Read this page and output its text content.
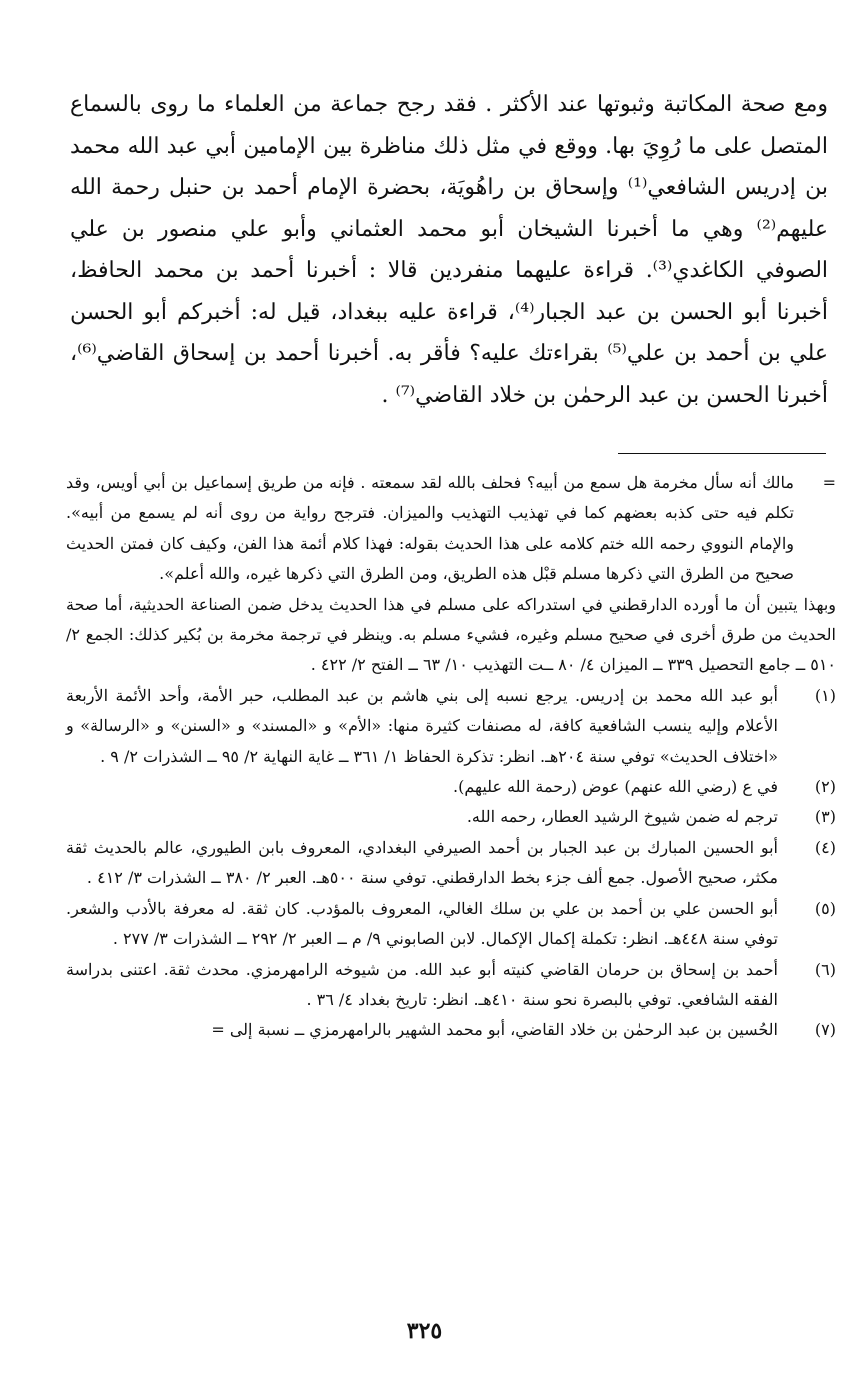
ومع صحة المكاتبة وثبوتها عند الأكثر . فقد رجح جماعة من العلماء ما روى بالسماع المتصل على ما رُوِيَ بها. ووقع في مثل ذلك مناظرة بين الإمامين أبي عبد الله محمد بن إدريس الشافعي⁽¹⁾ وإسحاق بن راهُويَة، بحضرة الإمام أحمد بن حنبل رحمة الله عليهم⁽²⁾ وهي ما أخبرنا الشيخان أبو محمد العثماني وأبو علي منصور بن علي الصوفي الكاغدي⁽³⁾. قراءة عليهما منفردين قالا : أخبرنا أحمد بن محمد الحافظ، أخبرنا أبو الحسن بن عبد الجبار⁽⁴⁾، قراءة عليه ببغداد، قيل له: أخبركم أبو الحسن علي بن أحمد بن علي⁽⁵⁾ بقراءتك عليه؟ فأقر به. أخبرنا أحمد بن إسحاق القاضي⁽⁶⁾، أخبرنا الحسن بن عبد الرحمٰن بن خلاد القاضي⁽⁷⁾ .

=

مالك أنه سأل مخرمة هل سمع من أبيه؟ فحلف بالله لقد سمعته . فإنه من طريق إسماعيل بن أبي أويس، وقد تكلم فيه حتى كذبه بعضهم كما في تهذيب التهذيب والميزان. فترجح رواية من روى أنه لم يسمع من أبيه». والإمام النووي رحمه الله ختم كلامه على هذا الحديث بقوله: فهذا كلام أئمة هذا الفن، وكيف كان فمتن الحديث صحيح من الطرق التي ذكرها مسلم قبْل هذه الطريق، ومن الطرق التي ذكرها غيره، والله أعلم».

وبهذا يتبين أن ما أورده الدارقطني في استدراكه على مسلم في هذا الحديث يدخل ضمن الصناعة الحديثية، أما صحة الحديث من طرق أخرى في صحيح مسلم وغيره، فشيء مسلم به. وينظر في ترجمة مخرمة بن بُكير كذلك: الجمع ٢/ ٥١٠ ــ جامع التحصيل ٣٣٩ ــ الميزان ٤/ ٨٠ ــت التهذيب ١٠/ ٦٣ ــ الفتح ٢/ ٤٢٢ .

(١)
أبو عبد الله محمد بن إدريس. يرجع نسبه إلى بني هاشم بن عبد المطلب، حبر الأمة، وأحد الأئمة الأربعة الأعلام وإليه ينسب الشافعية كافة، له مصنفات كثيرة منها: «الأم» و «المسند» و «السنن» و «الرسالة» و «اختلاف الحديث» توفي سنة ٢٠٤هـ. انظر: تذكرة الحفاظ ١/ ٣٦١ ــ غاية النهاية ٢/ ٩٥ ــ الشذرات ٢/ ٩ .
(٢)
في ع (رضي الله عنهم) عوض (رحمة الله عليهم).
(٣)
ترجم له ضمن شيوخ الرشيد العطار، رحمه الله.
(٤)
أبو الحسين المبارك بن عبد الجبار بن أحمد الصيرفي البغدادي، المعروف بابن الطيوري، عالم بالحديث ثقة مكثر، صحيح الأصول. جمع ألف جزء بخط الدارقطني. توفي سنة ٥٠٠هـ. العبر ٢/ ٣٨٠ ــ الشذرات ٣/ ٤١٢ .
(٥)
أبو الحسن علي بن أحمد بن علي بن سلك الغالي، المعروف بالمؤدب. كان ثقة. له معرفة بالأدب والشعر. توفي سنة ٤٤٨هـ. انظر: تكملة إكمال الإكمال. لابن الصابوني ٩/ م ــ العبر ٢/ ٢٩٢ ــ الشذرات ٣/ ٢٧٧ .
(٦)
أحمد بن إسحاق بن حرمان القاضي كنيته أبو عبد الله. من شيوخه الرامهرمزي. محدث ثقة. اعتنى بدراسة الفقه الشافعي. توفي بالبصرة نحو سنة ٤١٠هـ. انظر: تاريخ بغداد ٤/ ٣٦ .
(٧)
الحُسين بن عبد الرحمٰن بن خلاد القاضي، أبو محمد الشهير بالرامهرمزي ــ نسبة إلى =
٣٢٥
